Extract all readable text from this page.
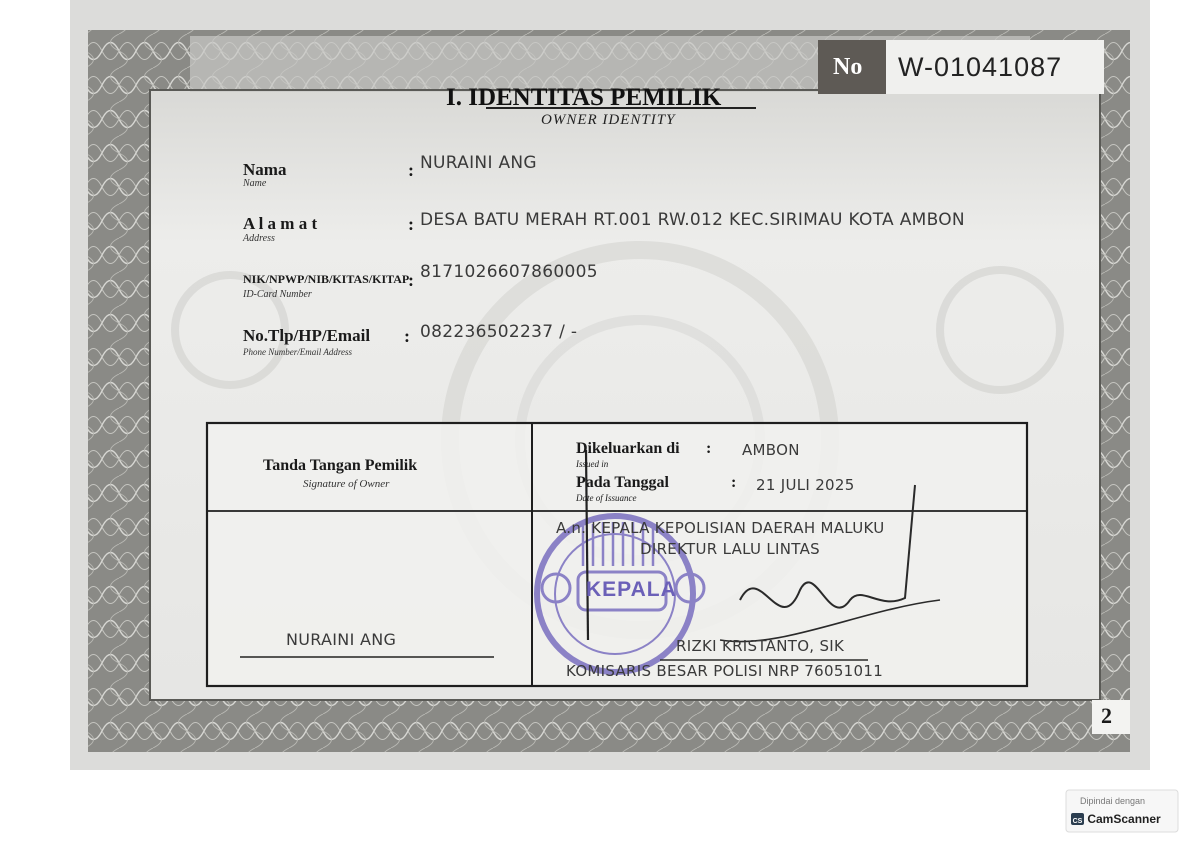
No W-01041087
I. IDENTITAS PEMILIK
OWNER IDENTITY
Nama
Name
: NURAINI ANG
A l a m a t
Address
: DESA BATU MERAH RT.001 RW.012 KEC.SIRIMAU KOTA AMBON
NIK/NPWP/NIB/KITAS/KITAP
ID-Card Number
: 8171026607860005
No.Tlp/HP/Email :
Phone Number/Email Address
082236502237 / -
Tanda Tangan Pemilik
Signature of Owner
NURAINI ANG
Dikeluarkan di :
Issued in
AMBON
Pada Tanggal	:
Date of Issuance
21 JULI 2025
A.n. KEPALA KEPOLISIAN DAERAH MALUKU
DIREKTUR LALU LINTAS
KEPALA
RIZKI KRISTANTO, SIK
KOMISARIS BESAR POLISI NRP 76051011
2
Dipindai dengan
CS CamScanner
